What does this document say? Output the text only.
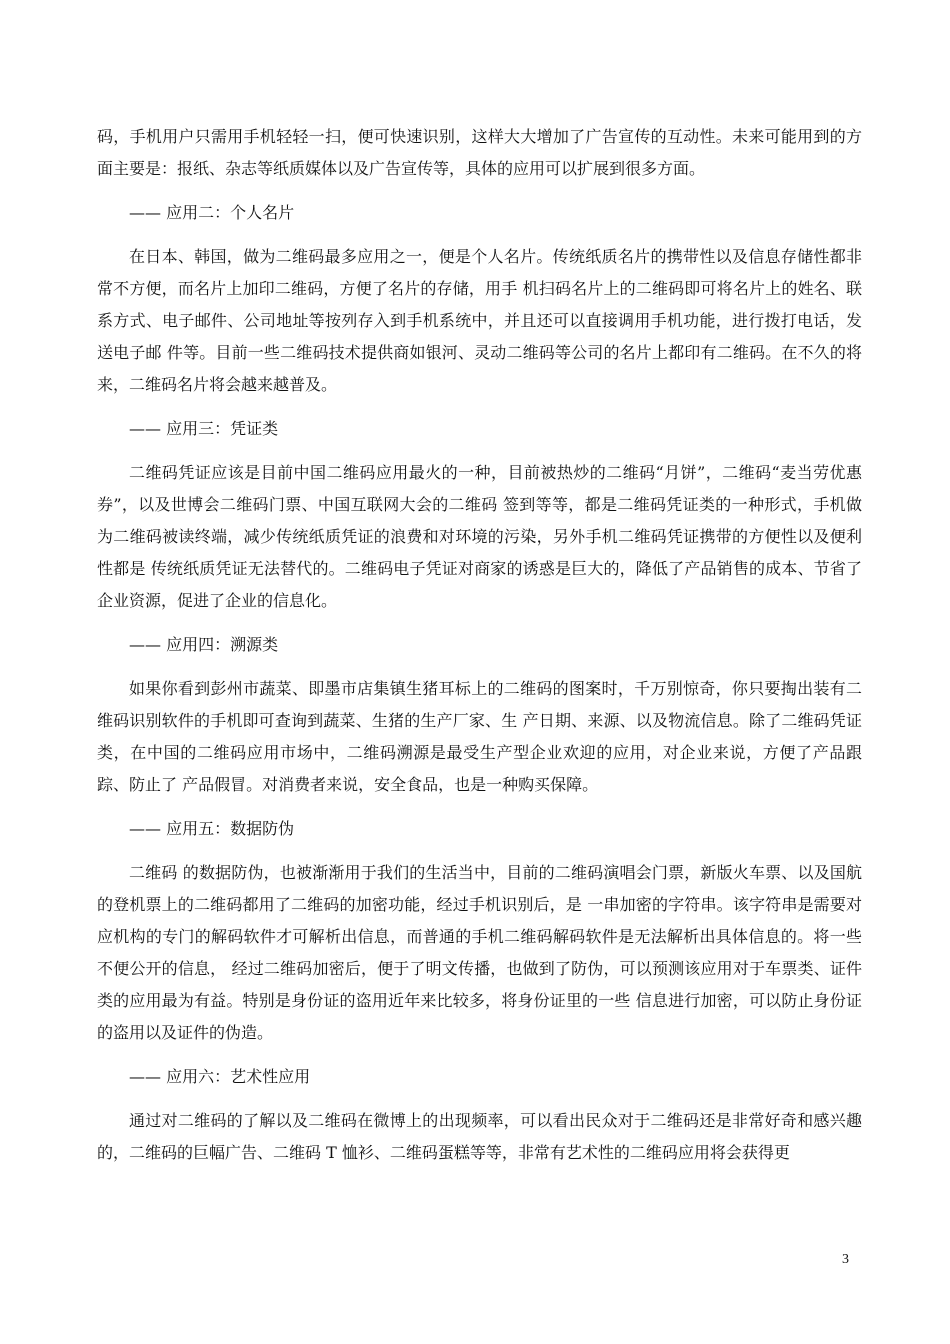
码，手机用户只需用手机轻轻一扫，便可快速识别，这样大大增加了广告宣传的互动性。未来可能用到的方面主要是：报纸、杂志等纸质媒体以及广告宣传等，具体的应用可以扩展到很多方面。

—— 应用二：个人名片

在日本、韩国，做为二维码最多应用之一，便是个人名片。传统纸质名片的携带性以及信息存储性都非常不方便，而名片上加印二维码，方便了名片的存储，用手 机扫码名片上的二维码即可将名片上的姓名、联系方式、电子邮件、公司地址等按列存入到手机系统中，并且还可以直接调用手机功能，进行拨打电话，发送电子邮 件等。目前一些二维码技术提供商如银河、灵动二维码等公司的名片上都印有二维码。在不久的将来，二维码名片将会越来越普及。

—— 应用三：凭证类

二维码凭证应该是目前中国二维码应用最火的一种，目前被热炒的二维码“月饼”，二维码“麦当劳优惠券”，以及世博会二维码门票、中国互联网大会的二维码 签到等等，都是二维码凭证类的一种形式，手机做为二维码被读终端，减少传统纸质凭证的浪费和对环境的污染，另外手机二维码凭证携带的方便性以及便利性都是 传统纸质凭证无法替代的。二维码电子凭证对商家的诱惑是巨大的，降低了产品销售的成本、节省了企业资源，促进了企业的信息化。

—— 应用四：溯源类

如果你看到彭州市蔬菜、即墨市店集镇生猪耳标上的二维码的图案时，千万别惊奇，你只要掏出装有二维码识别软件的手机即可查询到蔬菜、生猪的生产厂家、生 产日期、来源、以及物流信息。除了二维码凭证类，在中国的二维码应用市场中，二维码溯源是最受生产型企业欢迎的应用，对企业来说，方便了产品跟踪、防止了 产品假冒。对消费者来说，安全食品，也是一种购买保障。

—— 应用五：数据防伪

二维码 的数据防伪，也被渐渐用于我们的生活当中，目前的二维码演唱会门票，新版火车票、以及国航的登机票上的二维码都用了二维码的加密功能，经过手机识别后，是 一串加密的字符串。该字符串是需要对应机构的专门的解码软件才可解析出信息，而普通的手机二维码解码软件是无法解析出具体信息的。将一些不便公开的信息， 经过二维码加密后，便于了明文传播，也做到了防伪，可以预测该应用对于车票类、证件类的应用最为有益。特别是身份证的盗用近年来比较多，将身份证里的一些 信息进行加密，可以防止身份证的盗用以及证件的伪造。

—— 应用六：艺术性应用

通过对二维码的了解以及二维码在微博上的出现频率，可以看出民众对于二维码还是非常好奇和感兴趣的，二维码的巨幅广告、二维码 T 恤衫、二维码蛋糕等等，非常有艺术性的二维码应用将会获得更

3
